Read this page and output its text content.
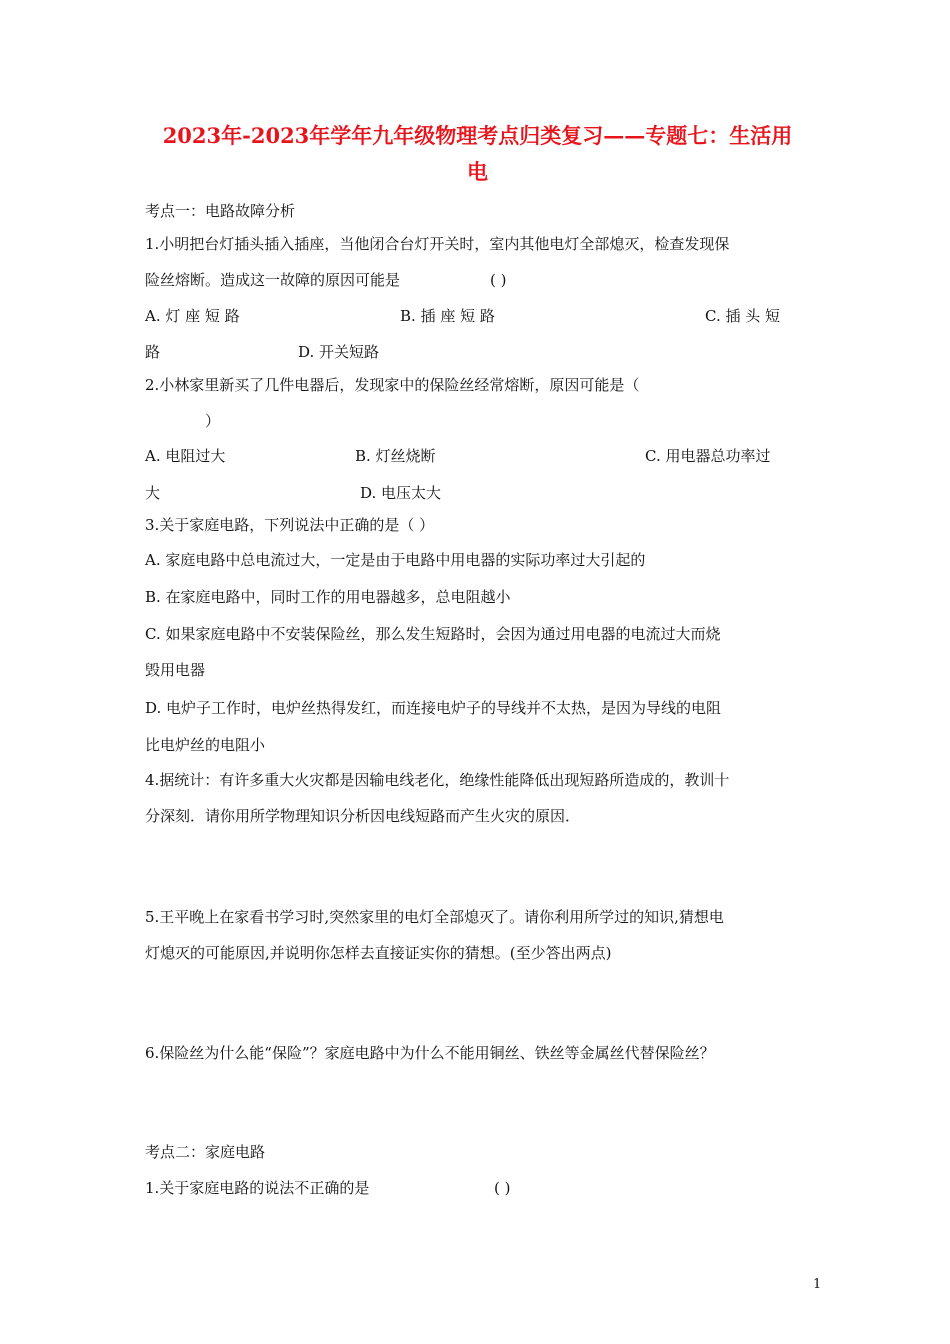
2023年-2023年学年九年级物理考点归类复习——专题七：生活用
电
考点一：电路故障分析
1.小明把台灯插头插入插座，当他闭合台灯开关时，室内其他电灯全部熄灭，检查发现保
险丝熔断。造成这一故障的原因可能是	( )
A. 灯 座 短 路	B. 插 座 短 路	C. 插 头 短
路	D. 开关短路
2.小林家里新买了几件电器后，发现家中的保险丝经常熔断，原因可能是（
）
A. 电阻过大	B. 灯丝烧断	C. 用电器总功率过
大	D. 电压太大
3.关于家庭电路，下列说法中正确的是（ ）
A. 家庭电路中总电流过大，一定是由于电路中用电器的实际功率过大引起的
B. 在家庭电路中，同时工作的用电器越多，总电阻越小
C. 如果家庭电路中不安装保险丝，那么发生短路时，会因为通过用电器的电流过大而烧
毁用电器
D. 电炉子工作时，电炉丝热得发红，而连接电炉子的导线并不太热，是因为导线的电阻
比电炉丝的电阻小
4.据统计：有许多重大火灾都是因输电线老化，绝缘性能降低出现短路所造成的，教训十
分深刻．请你用所学物理知识分析因电线短路而产生火灾的原因．
5.王平晚上在家看书学习时,突然家里的电灯全部熄灭了。请你利用所学过的知识,猜想电
灯熄灭的可能原因,并说明你怎样去直接证实你的猜想。(至少答出两点)
6.保险丝为什么能“保险”？家庭电路中为什么不能用铜丝、铁丝等金属丝代替保险丝？
考点二：家庭电路
1.关于家庭电路的说法不正确的是	( )
1
